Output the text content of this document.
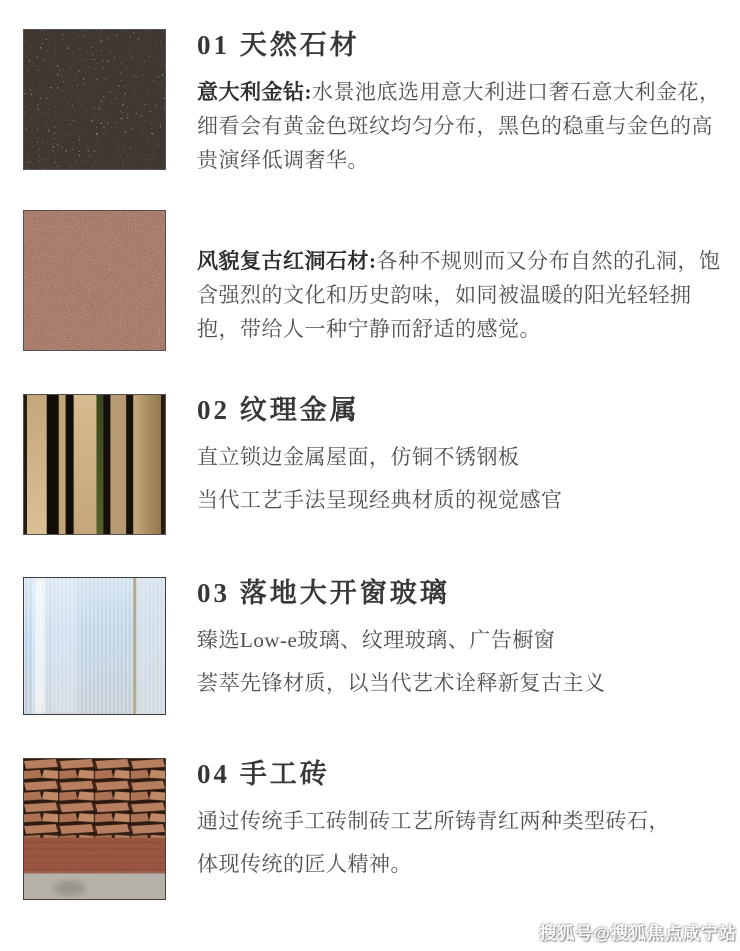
01 天然石材

意大利金钻:水景池底选用意大利进口奢石意大利金花，细看会有黄金色斑纹均匀分布，黑色的稳重与金色的高贵演绎低调奢华。

风貌复古红洞石材:各种不规则而又分布自然的孔洞，饱含强烈的文化和历史韵味，如同被温暖的阳光轻轻拥抱，带给人一种宁静而舒适的感觉。

02 纹理金属
直立锁边金属屋面，仿铜不锈钢板
当代工艺手法呈现经典材质的视觉感官
03 落地大开窗玻璃
臻选Low-e玻璃、纹理玻璃、广告橱窗
荟萃先锋材质，以当代艺术诠释新复古主义
04 手工砖
通过传统手工砖制砖工艺所铸青红两种类型砖石，
体现传统的匠人精神。
搜狐号@搜狐焦点咸宁站
